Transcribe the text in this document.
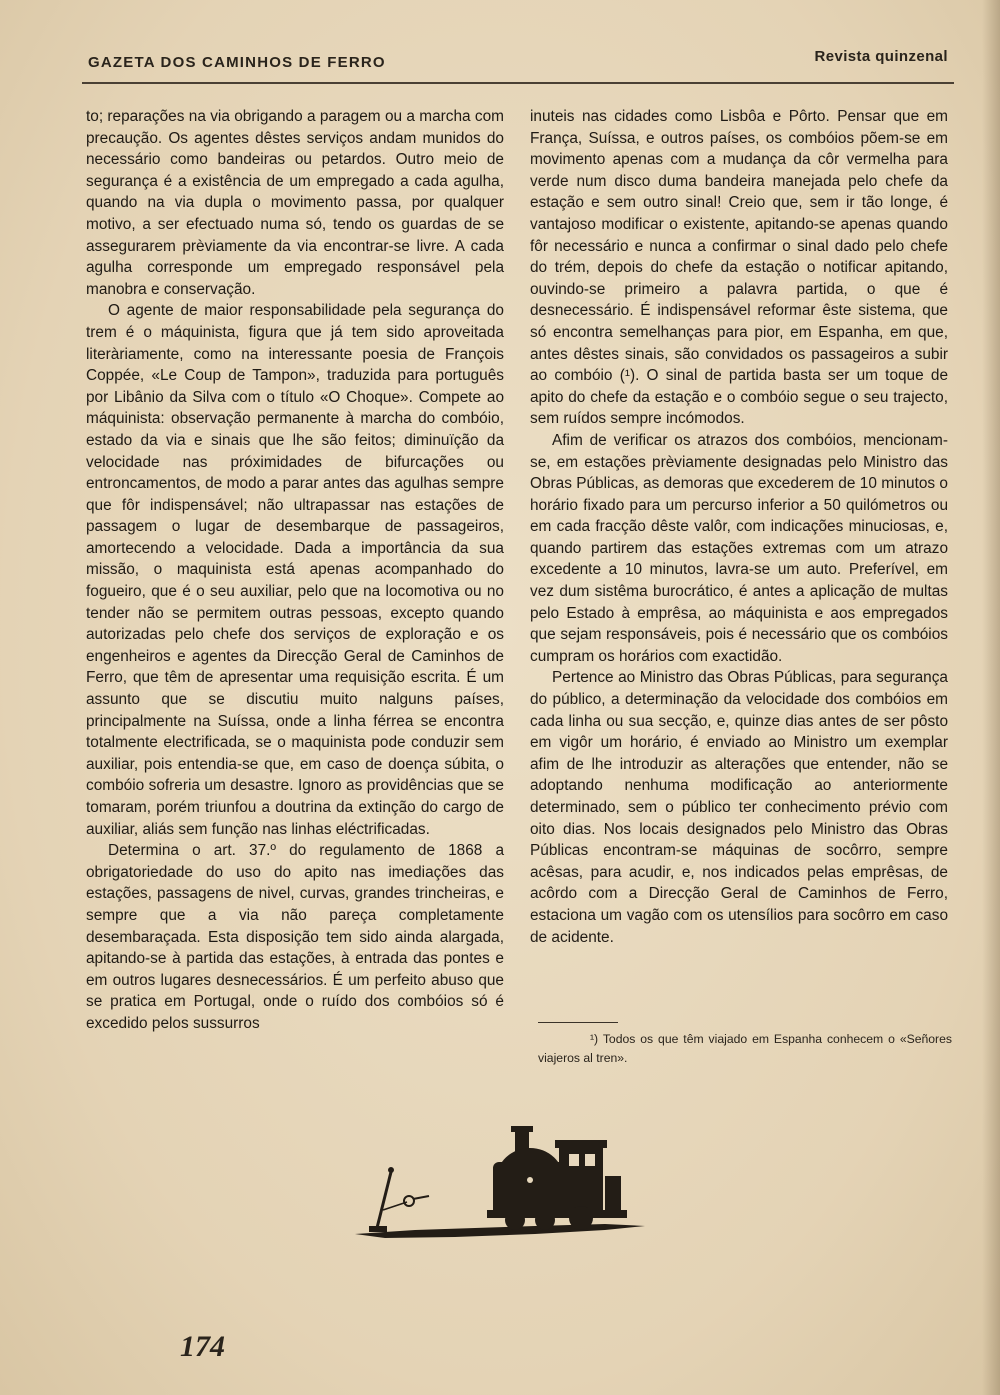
GAZETA DOS CAMINHOS DE FERRO	Revista quinzenal

to; reparações na via obrigando a paragem ou a marcha com precaução. Os agentes dêstes serviços andam munidos do necessário como bandeiras ou petardos. Outro meio de segurança é a existência de um empregado a cada agulha, quando na via dupla o movimento passa, por qualquer motivo, a ser efectuado numa só, tendo os guardas de se assegurarem prèviamente da via encontrar-se livre. A cada agulha corresponde um empregado responsável pela manobra e conservação.

O agente de maior responsabilidade pela segurança do trem é o máquinista, figura que já tem sido aproveitada literàriamente, como na interessante poesia de François Coppée, «Le Coup de Tampon», traduzida para português por Libânio da Silva com o título «O Choque». Compete ao máquinista: observação permanente à marcha do combóio, estado da via e sinais que lhe são feitos; diminuïção da velocidade nas próximidades de bifurcações ou entroncamentos, de modo a parar antes das agulhas sempre que fôr indispensável; não ultrapassar nas estações de passagem o lugar de desembarque de passageiros, amortecendo a velocidade. Dada a importância da sua missão, o maquinista está apenas acompanhado do fogueiro, que é o seu auxiliar, pelo que na locomotiva ou no tender não se permitem outras pessoas, excepto quando autorizadas pelo chefe dos serviços de exploração e os engenheiros e agentes da Direcção Geral de Caminhos de Ferro, que têm de apresentar uma requisição escrita. É um assunto que se discutiu muito nalguns países, principalmente na Suíssa, onde a linha férrea se encontra totalmente electrificada, se o maquinista pode conduzir sem auxiliar, pois entendia-se que, em caso de doença súbita, o combóio sofreria um desastre. Ignoro as providências que se tomaram, porém triunfou a doutrina da extinção do cargo de auxiliar, aliás sem função nas linhas eléctrificadas.

Determina o art. 37.º do regulamento de 1868 a obrigatoriedade do uso do apito nas imediações das estações, passagens de nivel, curvas, grandes trincheiras, e sempre que a via não pareça completamente desembaraçada. Esta disposição tem sido ainda alargada, apitando-se à partida das estações, à entrada das pontes e em outros lugares desnecessários. É um perfeito abuso que se pratica em Portugal, onde o ruído dos combóios só é excedido pelos sussurros

inuteis nas cidades como Lisbôa e Pôrto. Pensar que em França, Suíssa, e outros países, os combóios põem-se em movimento apenas com a mudança da côr vermelha para verde num disco duma bandeira manejada pelo chefe da estação e sem outro sinal! Creio que, sem ir tão longe, é vantajoso modificar o existente, apitando-se apenas quando fôr necessário e nunca a confirmar o sinal dado pelo chefe do trém, depois do chefe da estação o notificar apitando, ouvindo-se primeiro a palavra partida, o que é desnecessário. É indispensável reformar êste sistema, que só encontra semelhanças para pior, em Espanha, em que, antes dêstes sinais, são convidados os passageiros a subir ao combóio (¹). O sinal de partida basta ser um toque de apito do chefe da estação e o combóio segue o seu trajecto, sem ruídos sempre incómodos.

Afim de verificar os atrazos dos combóios, mencionam-se, em estações prèviamente designadas pelo Ministro das Obras Públicas, as demoras que excederem de 10 minutos o horário fixado para um percurso inferior a 50 quilómetros ou em cada fracção dêste valôr, com indicações minuciosas, e, quando partirem das estações extremas com um atrazo excedente a 10 minutos, lavra-se um auto. Preferível, em vez dum sistêma burocrático, é antes a aplicação de multas pelo Estado à emprêsa, ao máquinista e aos empregados que sejam responsáveis, pois é necessário que os combóios cumpram os horários com exactidão.

Pertence ao Ministro das Obras Públicas, para segurança do público, a determinação da velocidade dos combóios em cada linha ou sua secção, e, quinze dias antes de ser pôsto em vigôr um horário, é enviado ao Ministro um exemplar afim de lhe introduzir as alterações que entender, não se adoptando nenhuma modificação ao anteriormente determinado, sem o público ter conhecimento prévio com oito dias. Nos locais designados pelo Ministro das Obras Públicas encontram-se máquinas de socôrro, sempre acêsas, para acudir, e, nos indicados pelas emprêsas, de acôrdo com a Direcção Geral de Caminhos de Ferro, estaciona um vagão com os utensílios para socôrro em caso de acidente.

¹) Todos os que têm viajado em Espanha conhecem o «Señores viajeros al tren».
174
